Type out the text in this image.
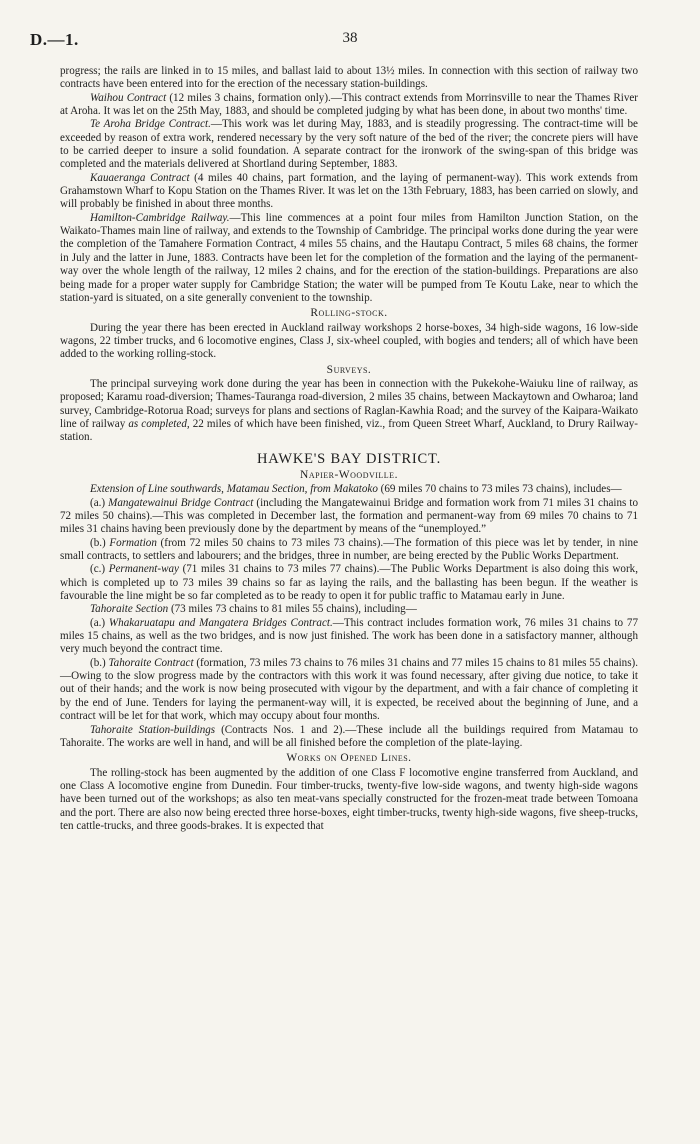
D.—1.	38

progress; the rails are linked in to 15 miles, and ballast laid to about 13½ miles. In connection with this section of railway two contracts have been entered into for the erection of the necessary station-buildings.

Waihou Contract (12 miles 3 chains, formation only).—This contract extends from Morrinsville to near the Thames River at Aroha. It was let on the 25th May, 1883, and should be completed judging by what has been done, in about two months' time.

Te Aroha Bridge Contract.—This work was let during May, 1883, and is steadily progressing. The contract-time will be exceeded by reason of extra work, rendered necessary by the very soft nature of the bed of the river; the concrete piers will have to be carried deeper to insure a solid foundation. A separate contract for the ironwork of the swing-span of this bridge was completed and the materials delivered at Shortland during September, 1883.

Kauaeranga Contract (4 miles 40 chains, part formation, and the laying of permanent-way). This work extends from Grahamstown Wharf to Kopu Station on the Thames River. It was let on the 13th February, 1883, has been carried on slowly, and will probably be finished in about three months.

Hamilton-Cambridge Railway.—This line commences at a point four miles from Hamilton Junction Station, on the Waikato-Thames main line of railway, and extends to the Township of Cambridge. The principal works done during the year were the completion of the Tamahere Formation Contract, 4 miles 55 chains, and the Hautapu Contract, 5 miles 68 chains, the former in July and the latter in June, 1883. Contracts have been let for the completion of the formation and the laying of the permanent-way over the whole length of the railway, 12 miles 2 chains, and for the erection of the station-buildings. Preparations are also being made for a proper water supply for Cambridge Station; the water will be pumped from Te Koutu Lake, near to which the station-yard is situated, on a site generally convenient to the township.

Rolling-stock.

During the year there has been erected in Auckland railway workshops 2 horse-boxes, 34 high-side wagons, 16 low-side wagons, 22 timber trucks, and 6 locomotive engines, Class J, six-wheel coupled, with bogies and tenders; all of which have been added to the working rolling-stock.

Surveys.

The principal surveying work done during the year has been in connection with the Pukekohe-Waiuku line of railway, as proposed; Karamu road-diversion; Thames-Tauranga road-diversion, 2 miles 35 chains, between Mackaytown and Owharoa; land survey, Cambridge-Rotorua Road; surveys for plans and sections of Raglan-Kawhia Road; and the survey of the Kaipara-Waikato line of railway as completed, 22 miles of which have been finished, viz., from Queen Street Wharf, Auckland, to Drury Railway-station.

HAWKE'S BAY DISTRICT.
Napier-Woodville.

Extension of Line southwards, Matamau Section, from Makatoko (69 miles 70 chains to 73 miles 73 chains), includes—

(a.) Mangatewainui Bridge Contract (including the Mangatewainui Bridge and formation work from 71 miles 31 chains to 72 miles 50 chains).—This was completed in December last, the formation and permanent-way from 69 miles 70 chains to 71 miles 31 chains having been previously done by the department by means of the “unemployed.”

(b.) Formation (from 72 miles 50 chains to 73 miles 73 chains).—The formation of this piece was let by tender, in nine small contracts, to settlers and labourers; and the bridges, three in number, are being erected by the Public Works Department.

(c.) Permanent-way (71 miles 31 chains to 73 miles 77 chains).—The Public Works Department is also doing this work, which is completed up to 73 miles 39 chains so far as laying the rails, and the ballasting has been begun. If the weather is favourable the line might be so far completed as to be ready to open it for public traffic to Matamau early in June.

Tahoraite Section (73 miles 73 chains to 81 miles 55 chains), including—

(a.) Whakaruatapu and Mangatera Bridges Contract.—This contract includes formation work, 76 miles 31 chains to 77 miles 15 chains, as well as the two bridges, and is now just finished. The work has been done in a satisfactory manner, although very much beyond the contract time.

(b.) Tahoraite Contract (formation, 73 miles 73 chains to 76 miles 31 chains and 77 miles 15 chains to 81 miles 55 chains).—Owing to the slow progress made by the contractors with this work it was found necessary, after giving due notice, to take it out of their hands; and the work is now being prosecuted with vigour by the department, and with a fair chance of completing it by the end of June. Tenders for laying the permanent-way will, it is expected, be received about the beginning of June, and a contract will be let for that work, which may occupy about four months.

Tahoraite Station-buildings (Contracts Nos. 1 and 2).—These include all the buildings required from Matamau to Tahoraite. The works are well in hand, and will be all finished before the completion of the plate-laying.

Works on Opened Lines.

The rolling-stock has been augmented by the addition of one Class F locomotive engine transferred from Auckland, and one Class A locomotive engine from Dunedin. Four timber-trucks, twenty-five low-side wagons, and twenty high-side wagons have been turned out of the workshops; as also ten meat-vans specially constructed for the frozen-meat trade between Tomoana and the port. There are also now being erected three horse-boxes, eight timber-trucks, twenty high-side wagons, five sheep-trucks, ten cattle-trucks, and three goods-brakes. It is expected that
